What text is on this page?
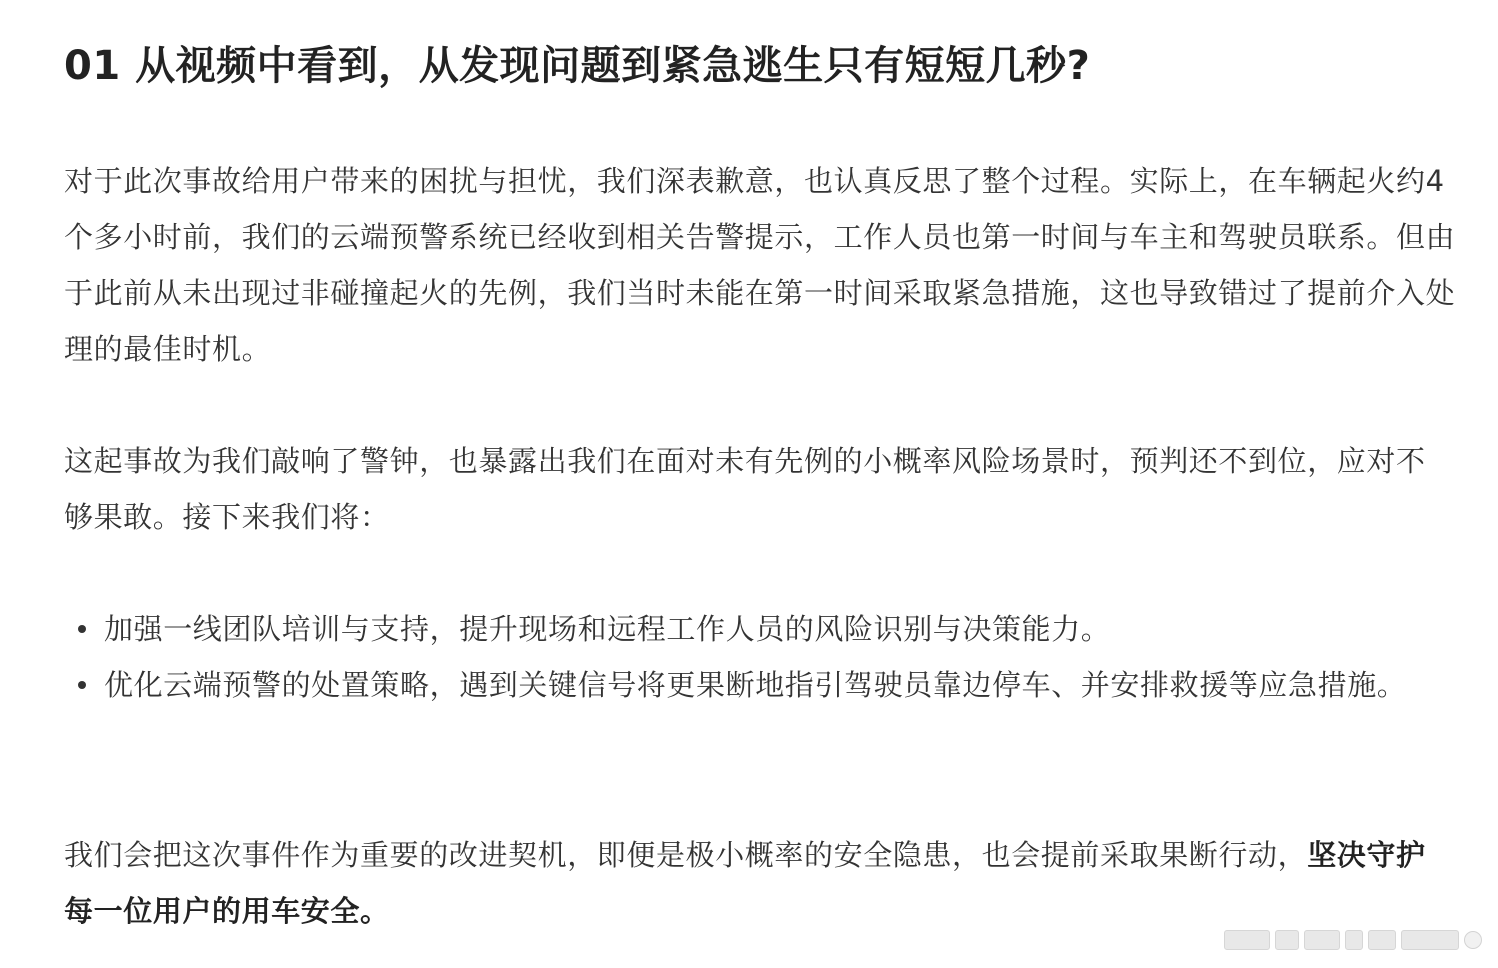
01 从视频中看到，从发现问题到紧急逃生只有短短几秒?

对于此次事故给用户带来的困扰与担忧，我们深表歉意，也认真反思了整个过程。实际上，在车辆起火约4个多小时前，我们的云端预警系统已经收到相关告警提示，工作人员也第一时间与车主和驾驶员联系。但由于此前从未出现过非碰撞起火的先例，我们当时未能在第一时间采取紧急措施，这也导致错过了提前介入处理的最佳时机。

这起事故为我们敲响了警钟，也暴露出我们在面对未有先例的小概率风险场景时，预判还不到位，应对不够果敢。接下来我们将：

加强一线团队培训与支持，提升现场和远程工作人员的风险识别与决策能力。
优化云端预警的处置策略，遇到关键信号将更果断地指引驾驶员靠边停车、并安排救援等应急措施。

我们会把这次事件作为重要的改进契机，即便是极小概率的安全隐患，也会提前采取果断行动，坚决守护每一位用户的用车安全。
